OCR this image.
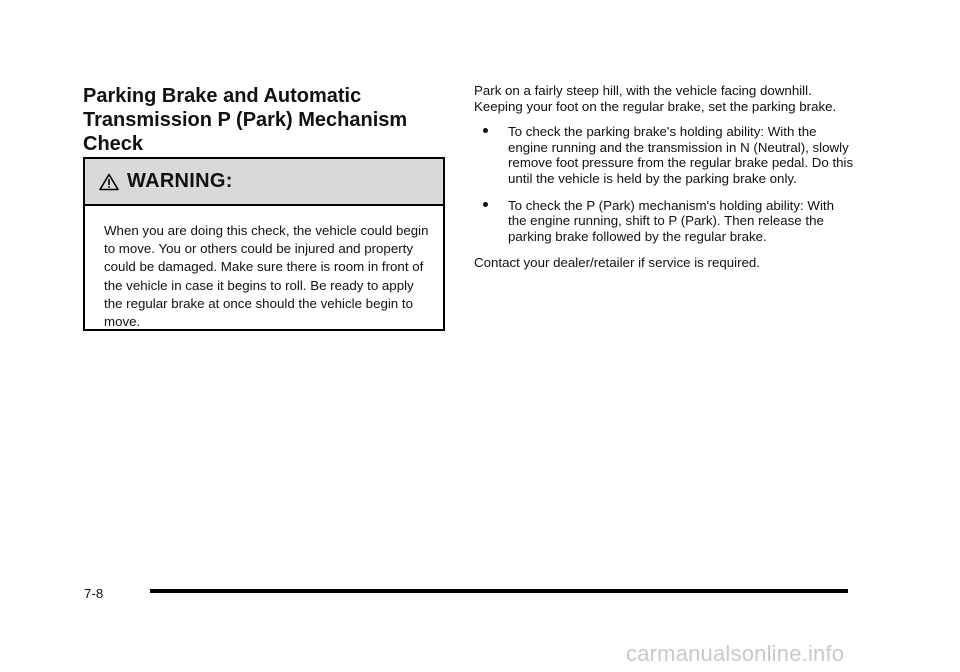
Parking Brake and Automatic Transmission P (Park) Mechanism Check
WARNING:
When you are doing this check, the vehicle could begin to move. You or others could be injured and property could be damaged. Make sure there is room in front of the vehicle in case it begins to roll. Be ready to apply the regular brake at once should the vehicle begin to move.

Park on a fairly steep hill, with the vehicle facing downhill. Keeping your foot on the regular brake, set the parking brake.

To check the parking brake's holding ability: With the engine running and the transmission in N (Neutral), slowly remove foot pressure from the regular brake pedal. Do this until the vehicle is held by the parking brake only.
To check the P (Park) mechanism's holding ability: With the engine running, shift to P (Park). Then release the parking brake followed by the regular brake.

Contact your dealer/retailer if service is required.

7-8
carmanualsonline.info
